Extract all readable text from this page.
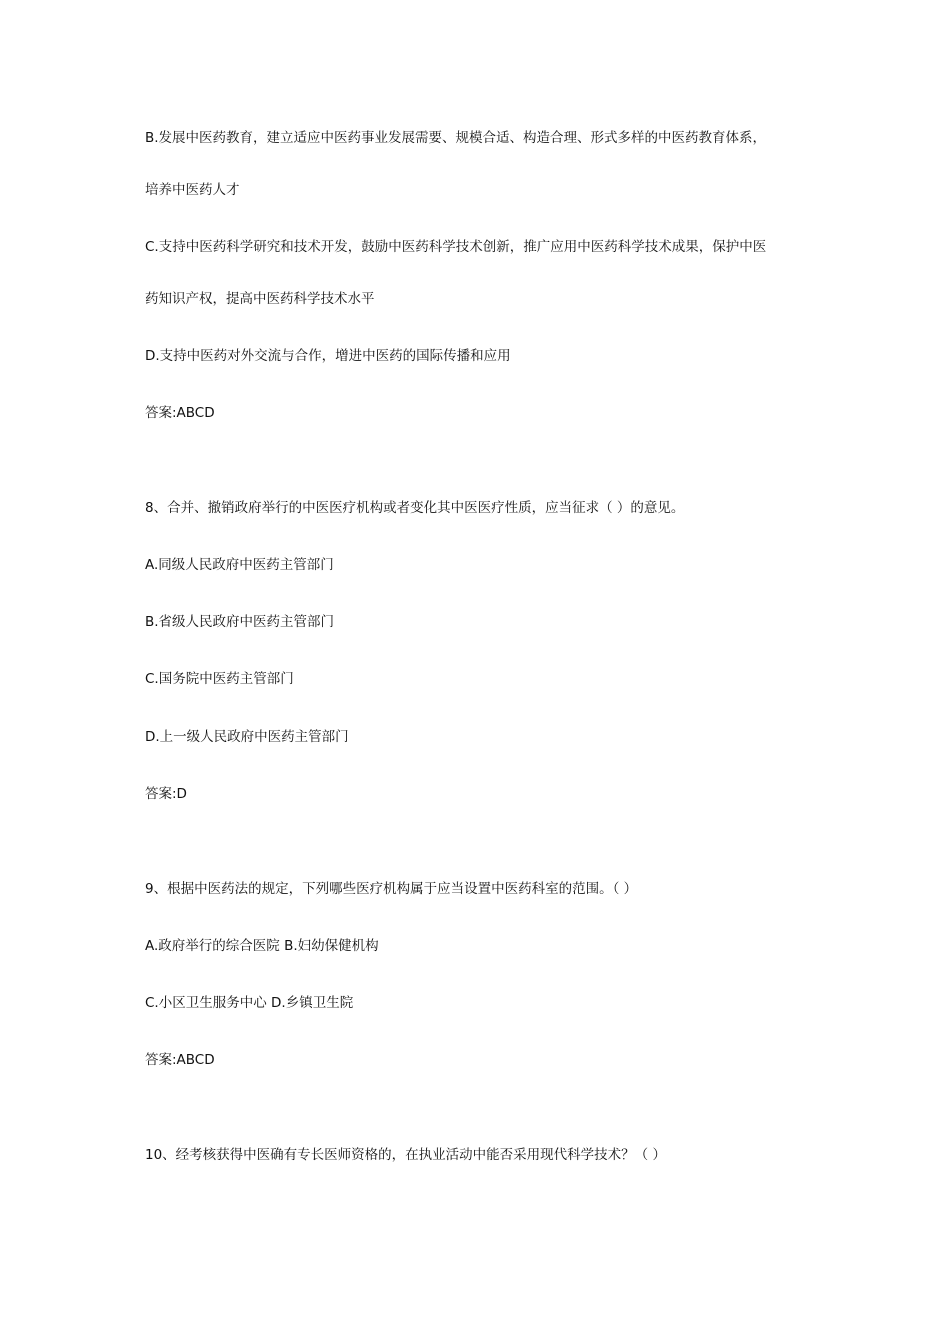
B.发展中医药教育，建立适应中医药事业发展需要、规模合适、构造合理、形式多样的中医药教育体系，
培养中医药人才
C.支持中医药科学研究和技术开发，鼓励中医药科学技术创新，推广应用中医药科学技术成果，保护中医
药知识产权，提高中医药科学技术水平
D.支持中医药对外交流与合作，增进中医药的国际传播和应用
答案:ABCD
8、合并、撤销政府举行的中医医疗机构或者变化其中医医疗性质，应当征求（ ）的意见。
A.同级人民政府中医药主管部门
B.省级人民政府中医药主管部门
C.国务院中医药主管部门
D.上一级人民政府中医药主管部门
答案:D
9、根据中医药法的规定，下列哪些医疗机构属于应当设置中医药科室的范围。（ ）
A.政府举行的综合医院 B.妇幼保健机构
C.小区卫生服务中心 D.乡镇卫生院
答案:ABCD
10、经考核获得中医确有专长医师资格的，在执业活动中能否采用现代科学技术？（ ）
